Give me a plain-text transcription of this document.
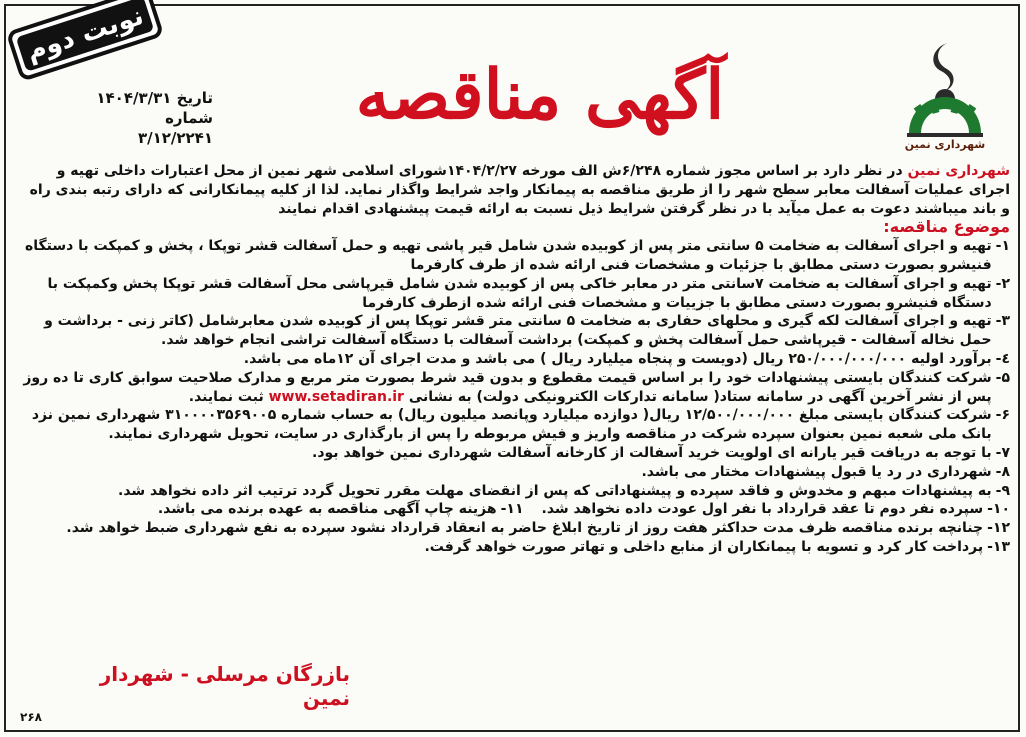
نوبت دوم
تاریخ ۱۴۰۴/۳/۳۱
شماره ۳/۱۲/۲۲۴۱
آگهی مناقصه
شهرداری نمین

شهرداری نمین در نظر دارد بر اساس مجوز شماره ۶/۲۴۸ش الف مورخه ۱۴۰۴/۲/۲۷شورای اسلامی شهر نمین از محل اعتبارات داخلی تهیه و اجرای عملیات آسفالت معابر سطح شهر را از طریق مناقصه به پیمانکار واجد شرایط واگذار نماید. لذا از کلیه پیمانکارانی که دارای رتبه بندی راه و باند میباشند دعوت به عمل میآید با در نظر گرفتن شرایط ذیل نسبت به ارائه قیمت پیشنهادی اقدام نمایند

موضوع مناقصه:

۱-
تهیه و اجرای آسفالت به ضخامت ۵ سانتی متر پس از کوبیده شدن شامل قیر پاشی تهیه و حمل آسفالت قشر توپکا ، پخش و کمپکت با دستگاه فنیشرو بصورت دستی مطابق با جزئیات و مشخصات فنی ارائه شده از طرف کارفرما
۲-
تهیه و اجرای آسفالت به ضخامت ۷سانتی متر در معابر خاکی پس از کوبیده شدن شامل قیرپاشی محل آسفالت قشر توپکا پخش وکمپکت با دستگاه فنیشرو بصورت دستی مطابق با جزییات و مشخصات فنی ارائه شده ازطرف کارفرما
۳-
تهیه و اجرای آسفالت لکه گیری و محلهای حفاری به ضخامت ۵ سانتی متر قشر توپکا پس از کوبیده شدن معابرشامل (کاتر زنی - برداشت و حمل نخاله آسفالت - قیرپاشی حمل آسفالت پخش و کمپکت) برداشت آسفالت با دستگاه آسفالت تراشی انجام خواهد شد.
٤-
برآورد اولیه ۲۵۰/۰۰۰/۰۰۰/۰۰۰ ریال (دویست و پنجاه میلیارد ریال ) می باشد و مدت اجرای آن ۱۲ماه می باشد.
۵-
شرکت کنندگان بایستی پیشنهادات خود را بر اساس قیمت مقطوع و بدون قید شرط بصورت متر مربع و مدارک صلاحیت سوابق کاری تا ده روز پس از نشر آخرین آگهی در سامانه ستاد( سامانه تدارکات الکترونیکی دولت) به نشانی www.setadiran.ir ثبت نمایند.
۶-
شرکت کنندگان بایستی مبلغ ۱۲/۵۰۰/۰۰۰/۰۰۰ ریال( دوازده میلیارد وپانصد میلیون ریال) به حساب شماره ۳۱۰۰۰۰۳۵۶۹۰۰۵ شهرداری نمین نزد بانک ملی شعبه نمین بعنوان سپرده شرکت در مناقصه واریز و فیش مربوطه را پس از بارگذاری در سایت، تحویل شهرداری نمایند.
۷-
با توجه به دریافت قیر یارانه ای اولویت خرید آسفالت از کارخانه آسفالت شهرداری نمین خواهد بود.
۸-
شهرداری در رد یا قبول پیشنهادات مختار می باشد.
۹-
به پیشنهادات مبهم و مخدوش و فاقد سپرده و پیشنهاداتی که پس از انقضای مهلت مقرر تحویل گردد ترتیب اثر داده نخواهد شد.
۱۰-
سپرده نفر دوم تا عقد قرارداد با نفر اول عودت داده نخواهد شد.
۱۱-
هزینه چاپ آگهی مناقصه به عهده برنده می باشد.
۱۲-
چنانچه برنده مناقصه ظرف مدت حداکثر هفت روز از تاریخ ابلاغ حاضر به انعقاد قرارداد نشود سپرده به نفع شهرداری ضبط خواهد شد.
۱۳-
پرداخت کار کرد و تسویه با پیمانکاران از منابع داخلی و تهاتر صورت خواهد گرفت.
بازرگان مرسلی - شهردار نمین
۲۶۸
